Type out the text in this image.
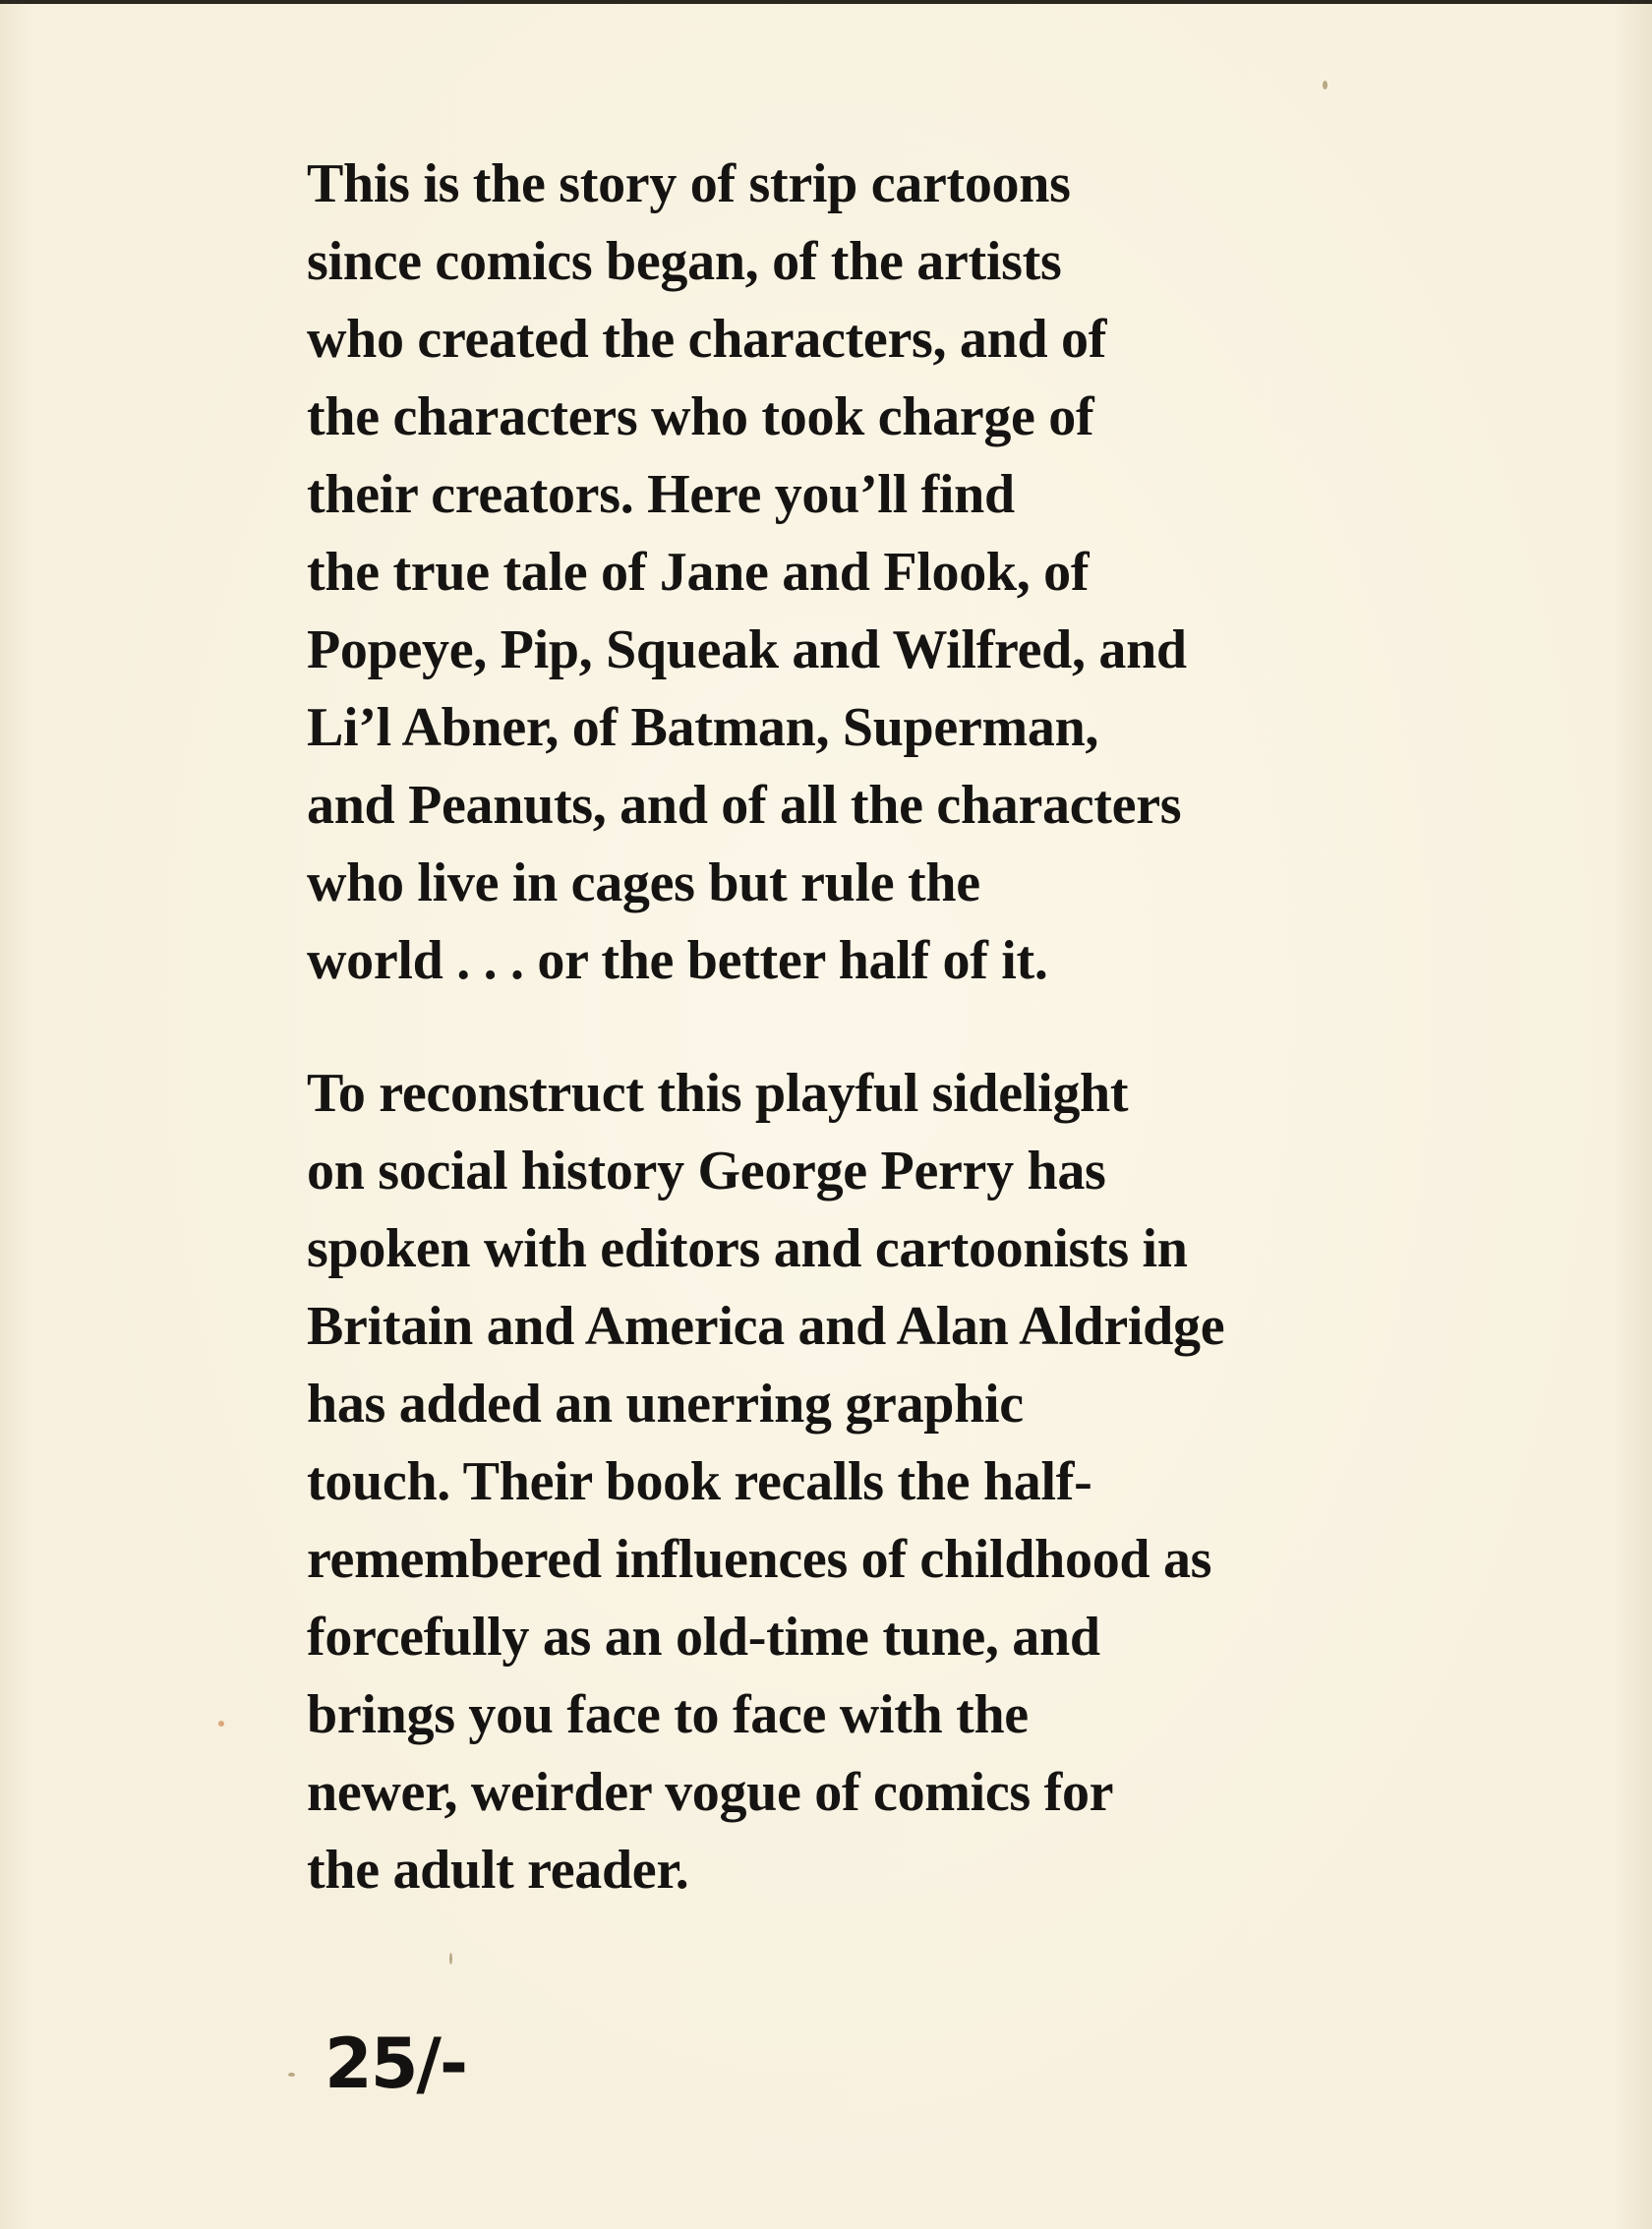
This is the story of strip cartoons
since comics began, of the artists
who created the characters, and of
the characters who took charge of
their creators. Here you’ll find
the true tale of Jane and Flook, of
Popeye, Pip, Squeak and Wilfred, and
Li’l Abner, of Batman, Superman,
and Peanuts, and of all the characters
who live in cages but rule the
world . . . or the better half of it.
To reconstruct this playful sidelight
on social history George Perry has
spoken with editors and cartoonists in
Britain and America and Alan Aldridge
has added an unerring graphic
touch. Their book recalls the half-
remembered influences of childhood as
forcefully as an old-time tune, and
brings you face to face with the
newer, weirder vogue of comics for
the adult reader.
25/-
